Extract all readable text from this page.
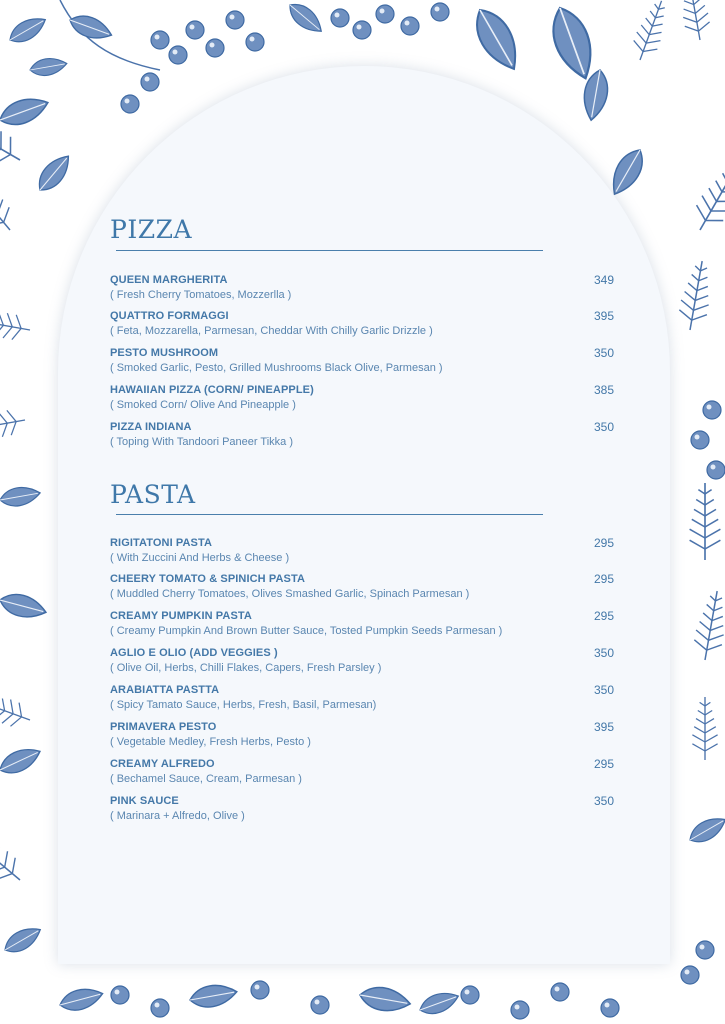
PIZZA
QUEEN MARGHERITA
( Fresh Cherry Tomatoes, Mozzerlla )
349
QUATTRO FORMAGGI
( Feta, Mozzarella, Parmesan, Cheddar With Chilly Garlic Drizzle )
395
PESTO MUSHROOM
( Smoked Garlic, Pesto, Grilled Mushrooms Black Olive, Parmesan )
350
HAWAIIAN PIZZA (CORN/ PINEAPPLE)
( Smoked Corn/ Olive And Pineapple )
385
PIZZA INDIANA
( Toping With Tandoori Paneer Tikka )
350
PASTA
RIGITATONI PASTA
( With Zuccini And Herbs & Cheese )
295
CHEERY TOMATO & SPINICH PASTA
( Muddled Cherry Tomatoes, Olives Smashed Garlic, Spinach Parmesan )
295
CREAMY PUMPKIN PASTA
( Creamy Pumpkin And Brown Butter Sauce, Tosted Pumpkin Seeds Parmesan )
295
AGLIO E OLIO (ADD VEGGIES )
( Olive Oil, Herbs, Chilli Flakes, Capers, Fresh Parsley )
350
ARABIATTA PASTTA
( Spicy Tamato Sauce, Herbs, Fresh, Basil, Parmesan)
350
PRIMAVERA PESTO
( Vegetable Medley, Fresh Herbs, Pesto )
395
CREAMY ALFREDO
( Bechamel Sauce, Cream, Parmesan )
295
PINK SAUCE
( Marinara + Alfredo, Olive )
350
